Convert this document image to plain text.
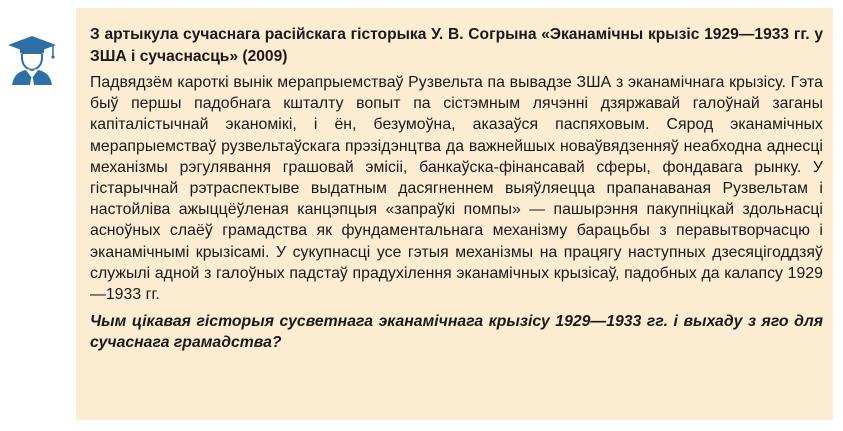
З артыкула сучаснага расійскага гісторыка У. В. Согрына «Эканамічны крызіс 1929—1933 гг. у ЗША і сучаснасць» (2009)

Падвядзём кароткі вынік мерапрыемстваў Рузвельта па вывадзе ЗША з эканамічнага крызісу. Гэта быў першы падобнага кшталту вопыт па сістэмным лячэнні дзяржавай галоўнай заганы капіталістычнай эканомікі, і ён, безумоўна, аказаўся паспяховым. Сярод эканамічных мерапрыемстваў рузвельтаўскага прэзідэнцтва да важнейшых новаўвядзенняў неабходна аднесці механізмы рэгулявання грашовай эмісіі, банкаўска-фінансавай сферы, фондавага рынку. У гістарычнай рэтраспектыве выдатным дасягненнем выяўляецца прапанаваная Рузвельтам і настойліва ажыццёўленая канцэпцыя «запраўкі помпы» — пашырэння пакупніцкай здольнасці асноўных слаёў грамадства як фундаментальнага механізму барацьбы з перавытворчасцю і эканамічнымі крызісамі. У сукупнасці усе гэтыя механізмы на працягу наступных дзесяцігоддзяў служылі адной з галоўных падстаў прадухілення эканамічных крызісаў, падобных да калапсу 1929—1933 гг.

Чым цікавая гісторыя сусветнага эканамічнага крызісу 1929—1933 гг. і выхаду з яго для сучаснага грамадства?
